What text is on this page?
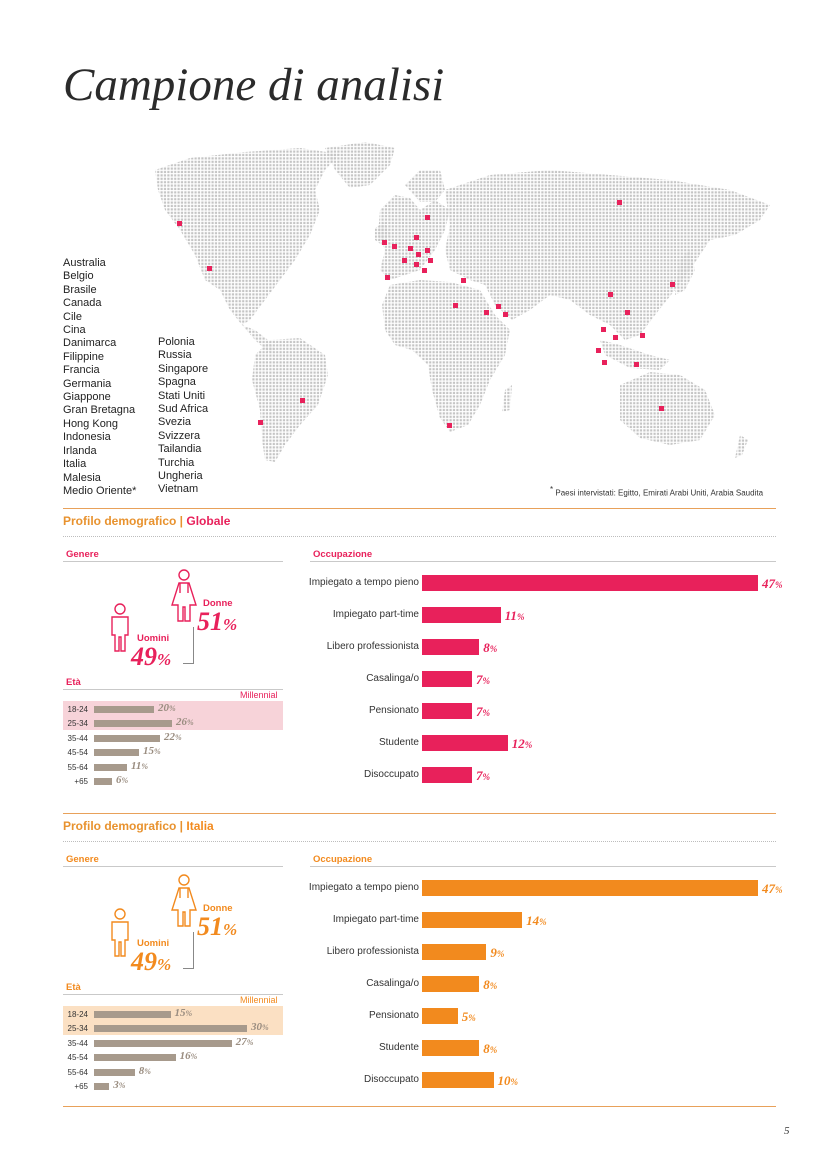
Campione di analisi
Australia
Belgio
Brasile
Canada
Cile
Cina
Danimarca
Filippine
Francia
Germania
Giappone
Gran Bretagna
Hong Kong
Indonesia
Irlanda
Italia
Malesia
Medio Oriente*
Polonia
Russia
Singapore
Spagna
Stati Uniti
Sud Africa
Svezia
Svizzera
Tailandia
Turchia
Ungheria
Vietnam	* Paesi intervistati: Egitto, Emirati Arabi Uniti, Arabia Saudita
Profilo demografico | Globale
Genere
Donne
51%
Uomini
49%
Età
Millennial
18-24	20%
25-34	26%
35-44	22%
45-54	15%
55-64	11%
+65	6%
Occupazione
Impiegato a tempo pieno	47%
Impiegato part-time	11%
Libero professionista	8%
Casalinga/o	7%
Pensionato	7%
Studente	12%
Disoccupato	7%
Profilo demografico | Italia
Genere
Donne
51%
Uomini
49%
Età
Millennial
18-24	15%
25-34	30%
35-44	27%
45-54	16%
55-64	8%
+65 3%
Occupazione
Impiegato a tempo pieno	47%
Impiegato part-time	14%
Libero professionista	9%
Casalinga/o	8%
Pensionato	5%
Studente	8%
Disoccupato	10%
5
